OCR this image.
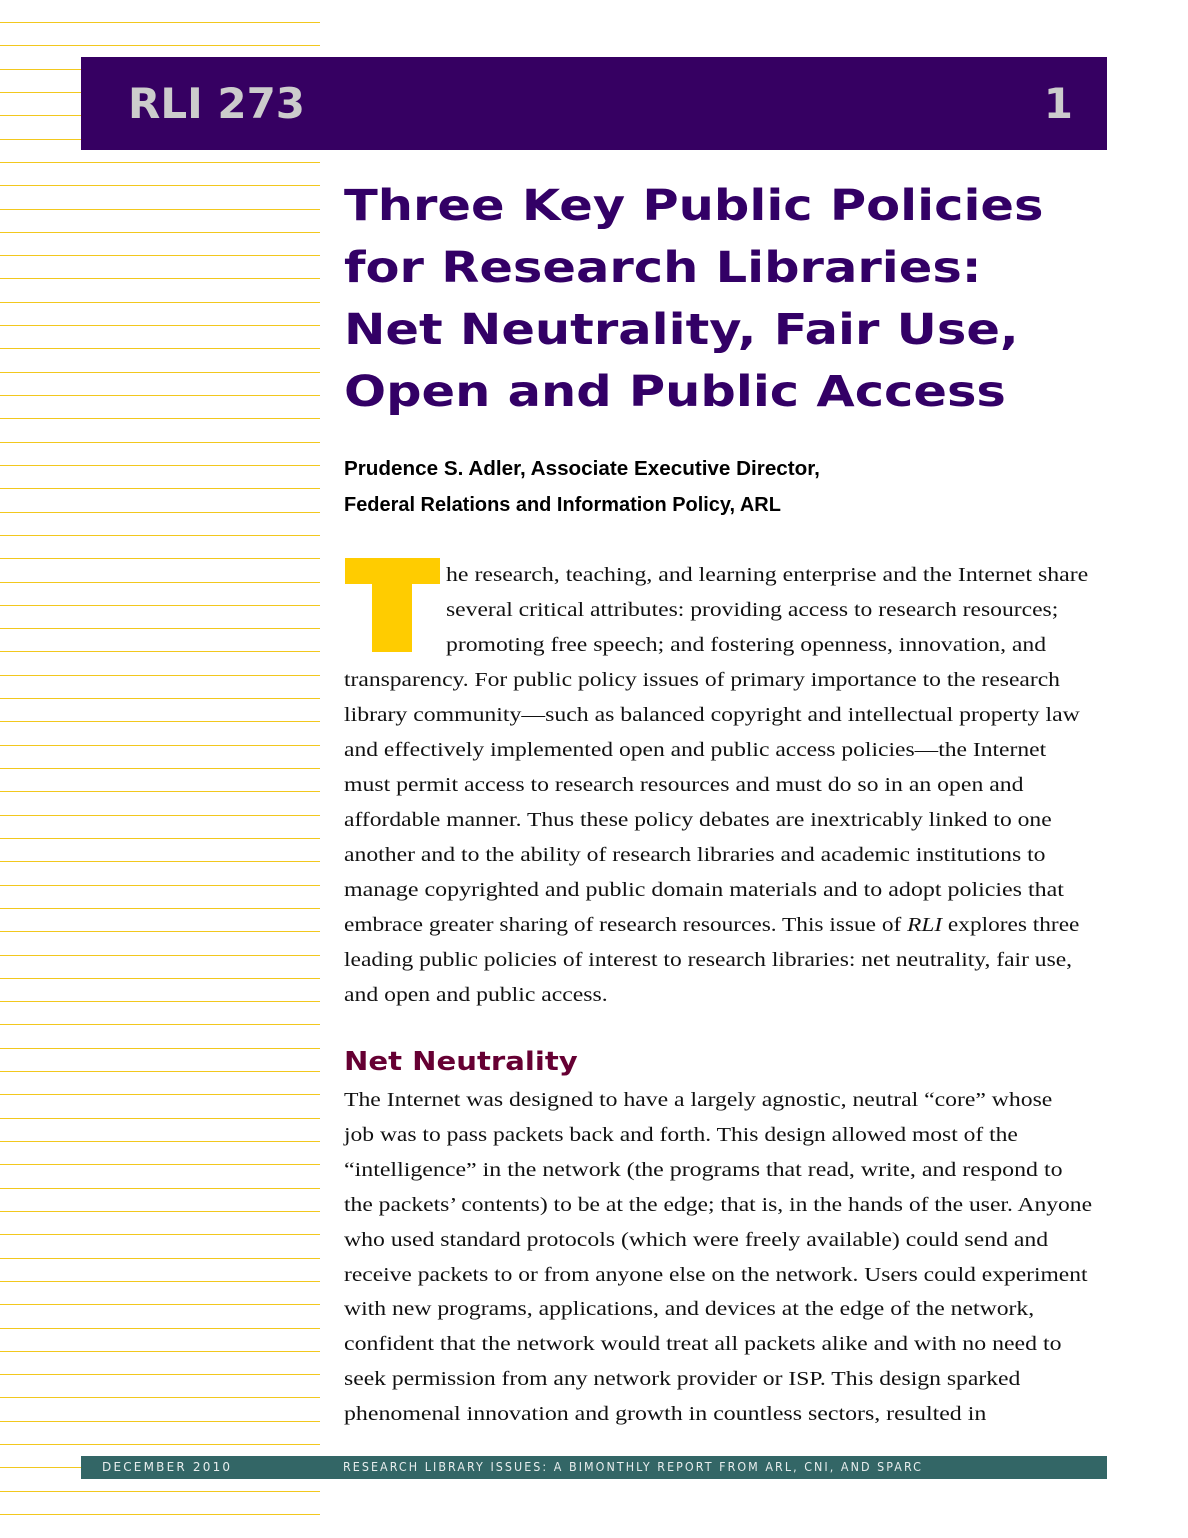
RLI 273	1
Three Key Public Policies
for Research Libraries:
Net Neutrality, Fair Use,
Open and Public Access
Prudence S. Adler, Associate Executive Director,
Federal Relations and Information Policy, ARL
he research, teaching, and learning enterprise and the Internet share
several critical attributes: providing access to research resources;
promoting free speech; and fostering openness, innovation, and
transparency. For public policy issues of primary importance to the research
library community—such as balanced copyright and intellectual property law
and effectively implemented open and public access policies—the Internet
must permit access to research resources and must do so in an open and
affordable manner. Thus these policy debates are inextricably linked to one
another and to the ability of research libraries and academic institutions to
manage copyrighted and public domain materials and to adopt policies that
embrace greater sharing of research resources. This issue of RLI explores three
leading public policies of interest to research libraries: net neutrality, fair use,
and open and public access.
Net Neutrality
The Internet was designed to have a largely agnostic, neutral “core” whose
job was to pass packets back and forth. This design allowed most of the
“intelligence” in the network (the programs that read, write, and respond to
the packets’ contents) to be at the edge; that is, in the hands of the user. Anyone
who used standard protocols (which were freely available) could send and
receive packets to or from anyone else on the network. Users could experiment
with new programs, applications, and devices at the edge of the network,
confident that the network would treat all packets alike and with no need to
seek permission from any network provider or ISP. This design sparked
phenomenal innovation and growth in countless sectors, resulted in
DECEMBER 2010	RESEARCH LIBRARY ISSUES: A BIMONTHLY REPORT FROM ARL, CNI, AND SPARC
